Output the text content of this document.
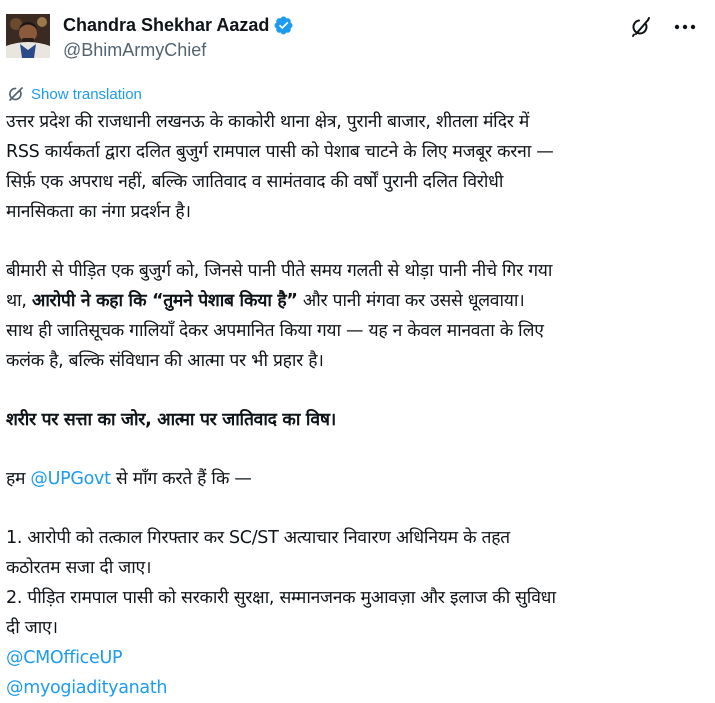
Chandra Shekhar Aazad
@BhimArmyChief
Show translation
उत्तर प्रदेश की राजधानी लखनऊ के काकोरी थाना क्षेत्र, पुरानी बाजार, शीतला मंदिर में
RSS कार्यकर्ता द्वारा दलित बुजुर्ग रामपाल पासी को पेशाब चाटने के लिए मजबूर करना —
सिर्फ़ एक अपराध नहीं, बल्कि जातिवाद व सामंतवाद की वर्षों पुरानी दलित विरोधी
मानसिकता का नंगा प्रदर्शन है।
बीमारी से पीड़ित एक बुजुर्ग को, जिनसे पानी पीते समय गलती से थोड़ा पानी नीचे गिर गया
था, आरोपी ने कहा कि “तुमने पेशाब किया है” और पानी मंगवा कर उससे धूलवाया।
साथ ही जातिसूचक गालियाँ देकर अपमानित किया गया — यह न केवल मानवता के लिए
कलंक है, बल्कि संविधान की आत्मा पर भी प्रहार है।
शरीर पर सत्ता का जोर, आत्मा पर जातिवाद का विष।
हम @UPGovt से माँग करते हैं कि —
1. आरोपी को तत्काल गिरफ्तार कर SC/ST अत्याचार निवारण अधिनियम के तहत
कठोरतम सजा दी जाए।
2. पीड़ित रामपाल पासी को सरकारी सुरक्षा, सम्मानजनक मुआवज़ा और इलाज की सुविधा
दी जाए।
@CMOfficeUP
@myogiadityanath
